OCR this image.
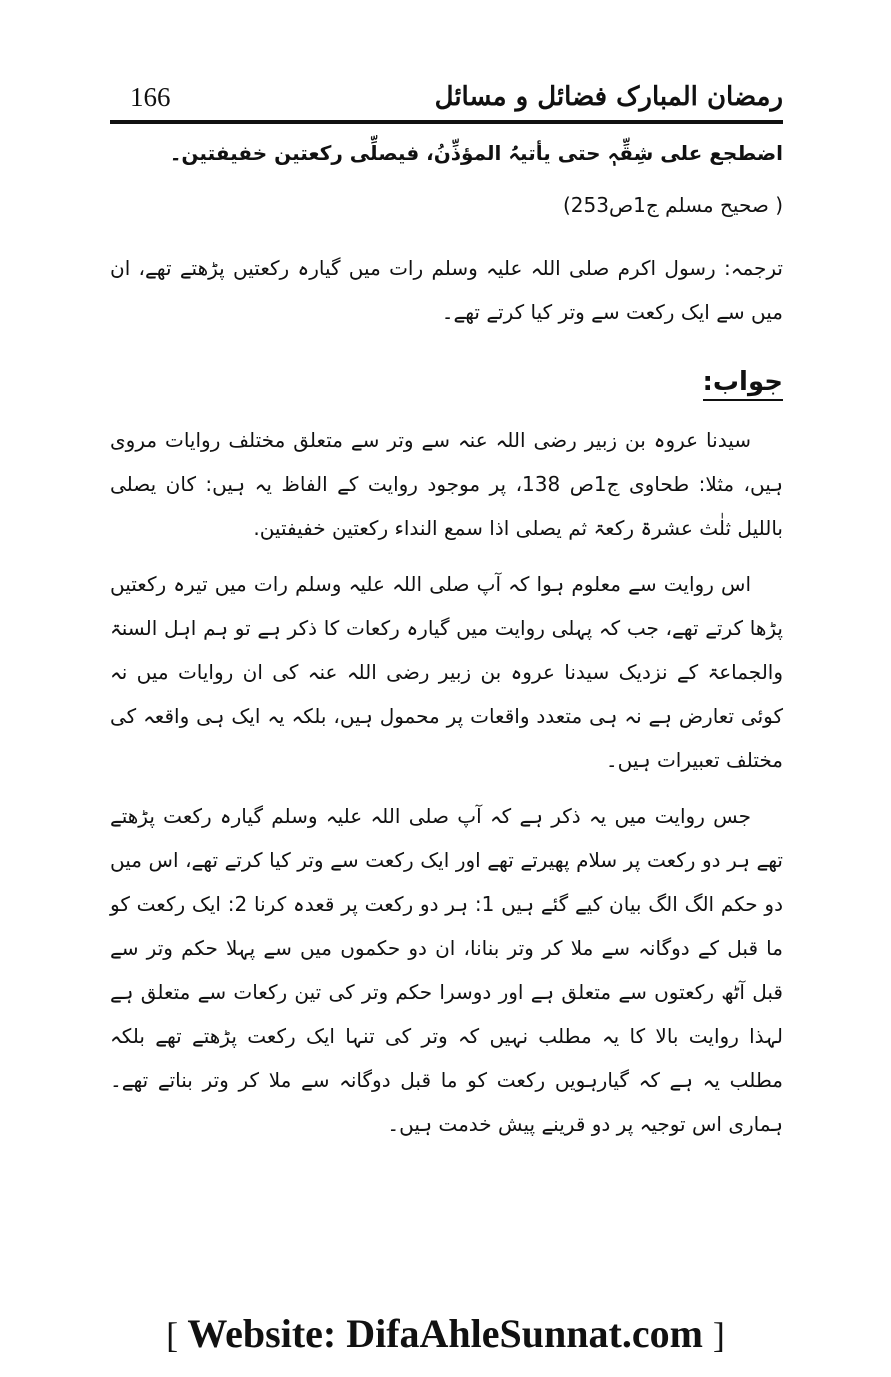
166	رمضان المبارک فضائل و مسائل
اضطجع علی شِقِّہٖ حتی یأتیہُ المؤذِّنُ، فیصلِّی رکعتین خفیفتین۔
( صحیح مسلم ج1ص253)
ترجمہ: رسول اکرم صلی اللہ علیہ وسلم رات میں گیارہ رکعتیں پڑھتے تھے، ان میں سے ایک رکعت سے وتر کیا کرتے تھے۔
جواب:

سیدنا عروہ بن زبیر رضی اللہ عنہ سے وتر سے متعلق مختلف روایات مروی ہیں، مثلا: طحاوی ج1ص 138، پر موجود روایت کے الفاظ یہ ہیں: کان یصلی باللیل ثلٰث عشرۃ رکعۃ ثم یصلی اذا سمع النداء رکعتین خفیفتین.

اس روایت سے معلوم ہوا کہ آپ صلی اللہ علیہ وسلم رات میں تیرہ رکعتیں پڑھا کرتے تھے، جب کہ پہلی روایت میں گیارہ رکعات کا ذکر ہے تو ہم اہل السنۃ والجماعۃ کے نزدیک سیدنا عروہ بن زبیر رضی اللہ عنہ کی ان روایات میں نہ کوئی تعارض ہے نہ ہی متعدد واقعات پر محمول ہیں، بلکہ یہ ایک ہی واقعہ کی مختلف تعبیرات ہیں۔

جس روایت میں یہ ذکر ہے کہ آپ صلی اللہ علیہ وسلم گیارہ رکعت پڑھتے تھے ہر دو رکعت پر سلام پھیرتے تھے اور ایک رکعت سے وتر کیا کرتے تھے، اس میں دو حکم الگ الگ بیان کیے گئے ہیں 1: ہر دو رکعت پر قعدہ کرنا 2: ایک رکعت کو ما قبل کے دوگانہ سے ملا کر وتر بنانا، ان دو حکموں میں سے پہلا حکم وتر سے قبل آٹھ رکعتوں سے متعلق ہے اور دوسرا حکم وتر کی تین رکعات سے متعلق ہے لہذا روایت بالا کا یہ مطلب نہیں کہ وتر کی تنہا ایک رکعت پڑھتے تھے بلکہ مطلب یہ ہے کہ گیارہویں رکعت کو ما قبل دوگانہ سے ملا کر وتر بناتے تھے۔ ہماری اس توجیہ پر دو قرینے پیش خدمت ہیں۔

[ Website: DifaAhleSunnat.com ]
